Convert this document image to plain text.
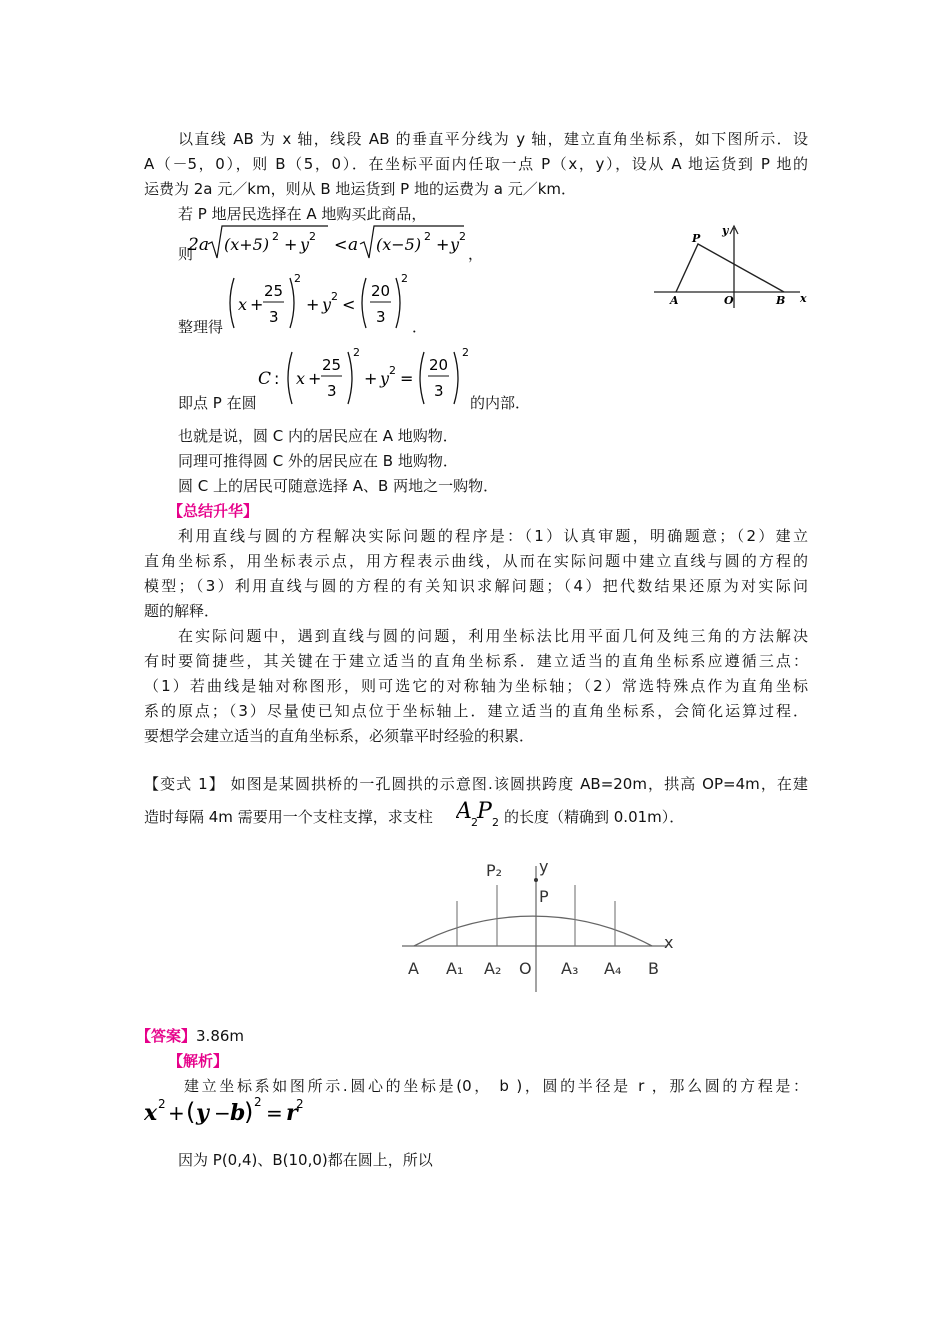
以直线 AB 为 x 轴，线段 AB 的垂直平分线为 y 轴，建立直角坐标系，如下图所示．设
A（－5，0），则 B（5，0）．在坐标平面内任取一点 P（x，y），设从 A 地运货到 P 地的
运费为 2a 元／km，则从 B 地运货到 P 地的运费为 a 元／km．
若 P 地居民选择在 A 地购买此商品，
则
2a (x+5) 2 + y 2 < a (x−5) 2 + y 2
，
整理得
x +
25
3
2
+ y 2 <
20
3
2
．
P
y
A	O	B x
即点 P 在圆
C : x +
25
3
2
+ y 2 =
20
3
2
的内部．
也就是说，圆 C 内的居民应在 A 地购物．
同理可推得圆 C 外的居民应在 B 地购物．
圆 C 上的居民可随意选择 A、B 两地之一购物．
【总结升华】
利用直线与圆的方程解决实际问题的程序是：（1）认真审题，明确题意；（2）建立
直角坐标系，用坐标表示点，用方程表示曲线，从而在实际问题中建立直线与圆的方程的
模型；（3）利用直线与圆的方程的有关知识求解问题；（4）把代数结果还原为对实际问
题的解释．
在实际问题中，遇到直线与圆的问题，利用坐标法比用平面几何及纯三角的方法解决
有时要简捷些，其关键在于建立适当的直角坐标系．建立适当的直角坐标系应遵循三点：
（1）若曲线是轴对称图形，则可选它的对称轴为坐标轴；（2）常选特殊点作为直角坐标
系的原点；（3）尽量使已知点位于坐标轴上．建立适当的直角坐标系，会简化运算过程．
要想学会建立适当的直角坐标系，必须靠平时经验的积累．
【变式 1】 如图是某圆拱桥的一孔圆拱的示意图.该圆拱跨度 AB=20m，拱高 OP=4m，在建
造时每隔 4m 需要用一个支柱支撑，求支柱 A 2 P 2 的长度（精确到 0.01m）．
P₂ y
P
x
A A₁ A₂ O A₃ A₄ B
【答案】3.86m
【解析】
建立坐标系如图所示.圆心的坐标是(0， b )，圆的半径是 r ，那么圆的方程是：
x 2 + ( y − b
) 2 = r
2
因为 P(0,4)、B(10,0)都在圆上，所以
